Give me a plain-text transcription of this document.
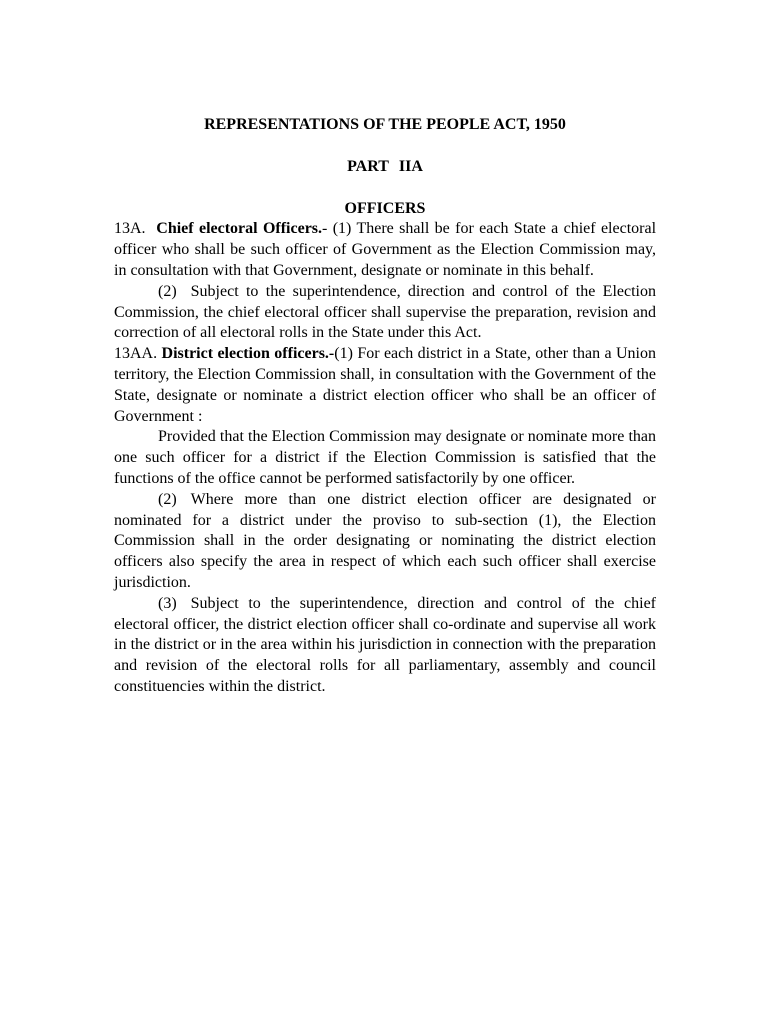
REPRESENTATIONS OF THE PEOPLE ACT, 1950

PART IIA

OFFICERS

13A. Chief electoral Officers.- (1) There shall be for each State a chief electoral officer who shall be such officer of Government as the Election Commission may, in consultation with that Government, designate or nominate in this behalf.

(2) Subject to the superintendence, direction and control of the Election Commission, the chief electoral officer shall supervise the preparation, revision and correction of all electoral rolls in the State under this Act.

13AA. District election officers.-(1) For each district in a State, other than a Union territory, the Election Commission shall, in consultation with the Government of the State, designate or nominate a district election officer who shall be an officer of Government :

Provided that the Election Commission may designate or nominate more than one such officer for a district if the Election Commission is satisfied that the functions of the office cannot be performed satisfactorily by one officer.

(2) Where more than one district election officer are designated or nominated for a district under the proviso to sub-section (1), the Election Commission shall in the order designating or nominating the district election officers also specify the area in respect of which each such officer shall exercise jurisdiction.

(3) Subject to the superintendence, direction and control of the chief electoral officer, the district election officer shall co-ordinate and supervise all work in the district or in the area within his jurisdiction in connection with the preparation and revision of the electoral rolls for all parliamentary, assembly and council constituencies within the district.
